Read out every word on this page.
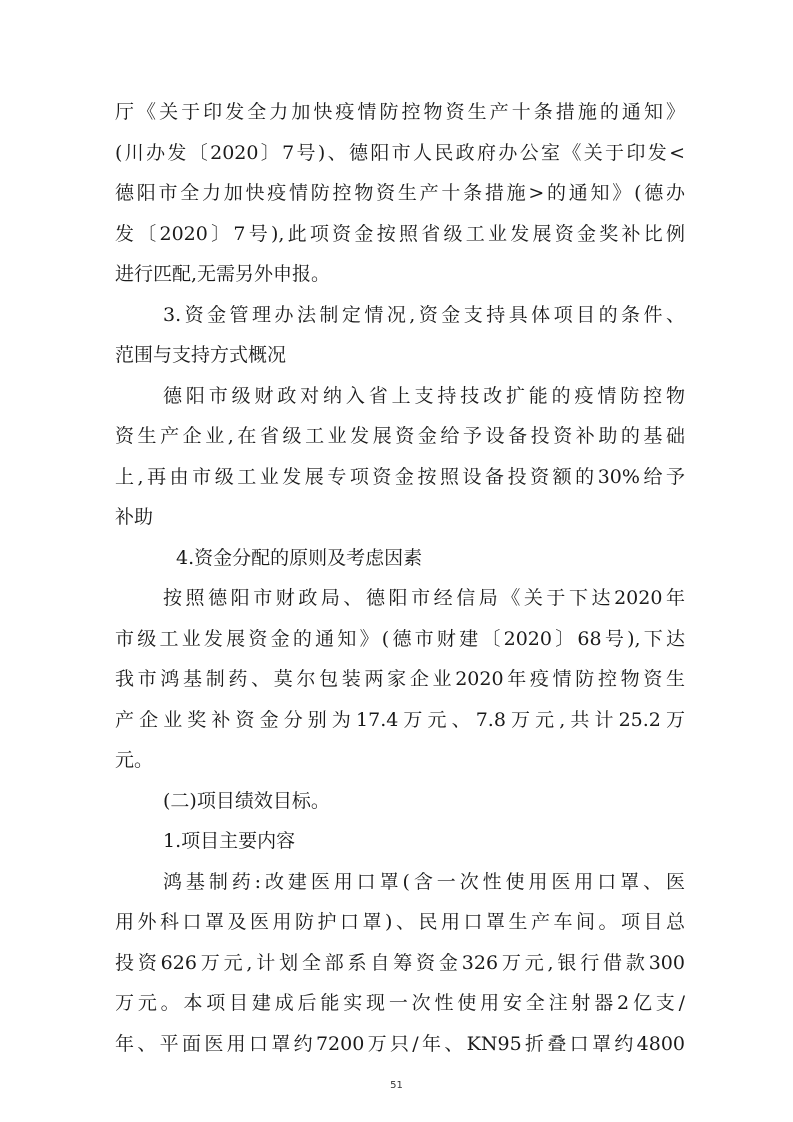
厅《关于印发全力加快疫情防控物资生产十条措施的通知》
(川办发〔2020〕7号)、德阳市人民政府办公室《关于印发<
德阳市全力加快疫情防控物资生产十条措施>的通知》(德办
发〔2020〕7号),此项资金按照省级工业发展资金奖补比例
进行匹配,无需另外申报。
3.资金管理办法制定情况,资金支持具体项目的条件、
范围与支持方式概况
德阳市级财政对纳入省上支持技改扩能的疫情防控物
资生产企业,在省级工业发展资金给予设备投资补助的基础
上,再由市级工业发展专项资金按照设备投资额的30%给予
补助
4.资金分配的原则及考虑因素
按照德阳市财政局、德阳市经信局《关于下达2020年
市级工业发展资金的通知》(德市财建〔2020〕68号),下达
我市鸿基制药、莫尔包装两家企业2020年疫情防控物资生
产企业奖补资金分别为17.4万元、7.8万元,共计25.2万
元。
(二)项目绩效目标。
1.项目主要内容
鸿基制药:改建医用口罩(含一次性使用医用口罩、医
用外科口罩及医用防护口罩)、民用口罩生产车间。项目总
投资626万元,计划全部系自筹资金326万元,银行借款300
万元。本项目建成后能实现一次性使用安全注射器2亿支/
年、平面医用口罩约7200万只/年、KN95折叠口罩约4800
51
